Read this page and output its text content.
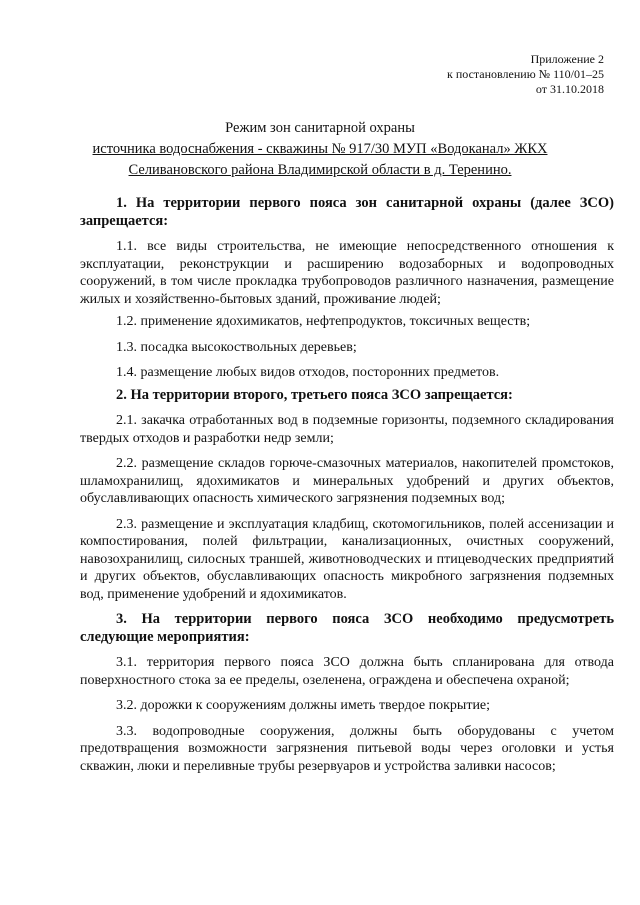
Приложение 2
к постановлению № 110/01–25
от 31.10.2018
Режим зон санитарной охраны
источника водоснабжения - скважины № 917/30 МУП «Водоканал» ЖКХ
Селивановского района Владимирской области в д. Теренино.
1. На территории первого пояса зон санитарной охраны (далее ЗСО) запрещается:
1.1. все виды строительства, не имеющие непосредственного отношения к эксплуатации, реконструкции и расширению водозаборных и водопроводных сооружений, в том числе прокладка трубопроводов различного назначения, размещение жилых и хозяйственно-бытовых зданий, проживание людей;
1.2. применение ядохимикатов, нефтепродуктов, токсичных веществ;
1.3. посадка высокоствольных деревьев;
1.4. размещение любых видов отходов, посторонних предметов.
2. На территории второго, третьего пояса ЗСО запрещается:
2.1. закачка отработанных вод в подземные горизонты, подземного складирования твердых отходов и разработки недр земли;
2.2. размещение складов горюче-смазочных материалов, накопителей промстоков, шламохранилищ, ядохимикатов и минеральных удобрений и других объектов, обуславливающих опасность химического загрязнения подземных вод;
2.3. размещение и эксплуатация кладбищ, скотомогильников, полей ассенизации и компостирования, полей фильтрации, канализационных, очистных сооружений, навозохранилищ, силосных траншей, животноводческих и птицеводческих предприятий и других объектов, обуславливающих опасность микробного загрязнения подземных вод, применение удобрений и ядохимикатов.
3. На территории первого пояса ЗСО необходимо предусмотреть следующие мероприятия:
3.1. территория первого пояса ЗСО должна быть спланирована для отвода поверхностного стока за ее пределы, озеленена, ограждена и обеспечена охраной;
3.2. дорожки к сооружениям должны иметь твердое покрытие;
3.3. водопроводные сооружения, должны быть оборудованы с учетом предотвращения возможности загрязнения питьевой воды через оголовки и устья скважин, люки и переливные трубы резервуаров и устройства заливки насосов;
